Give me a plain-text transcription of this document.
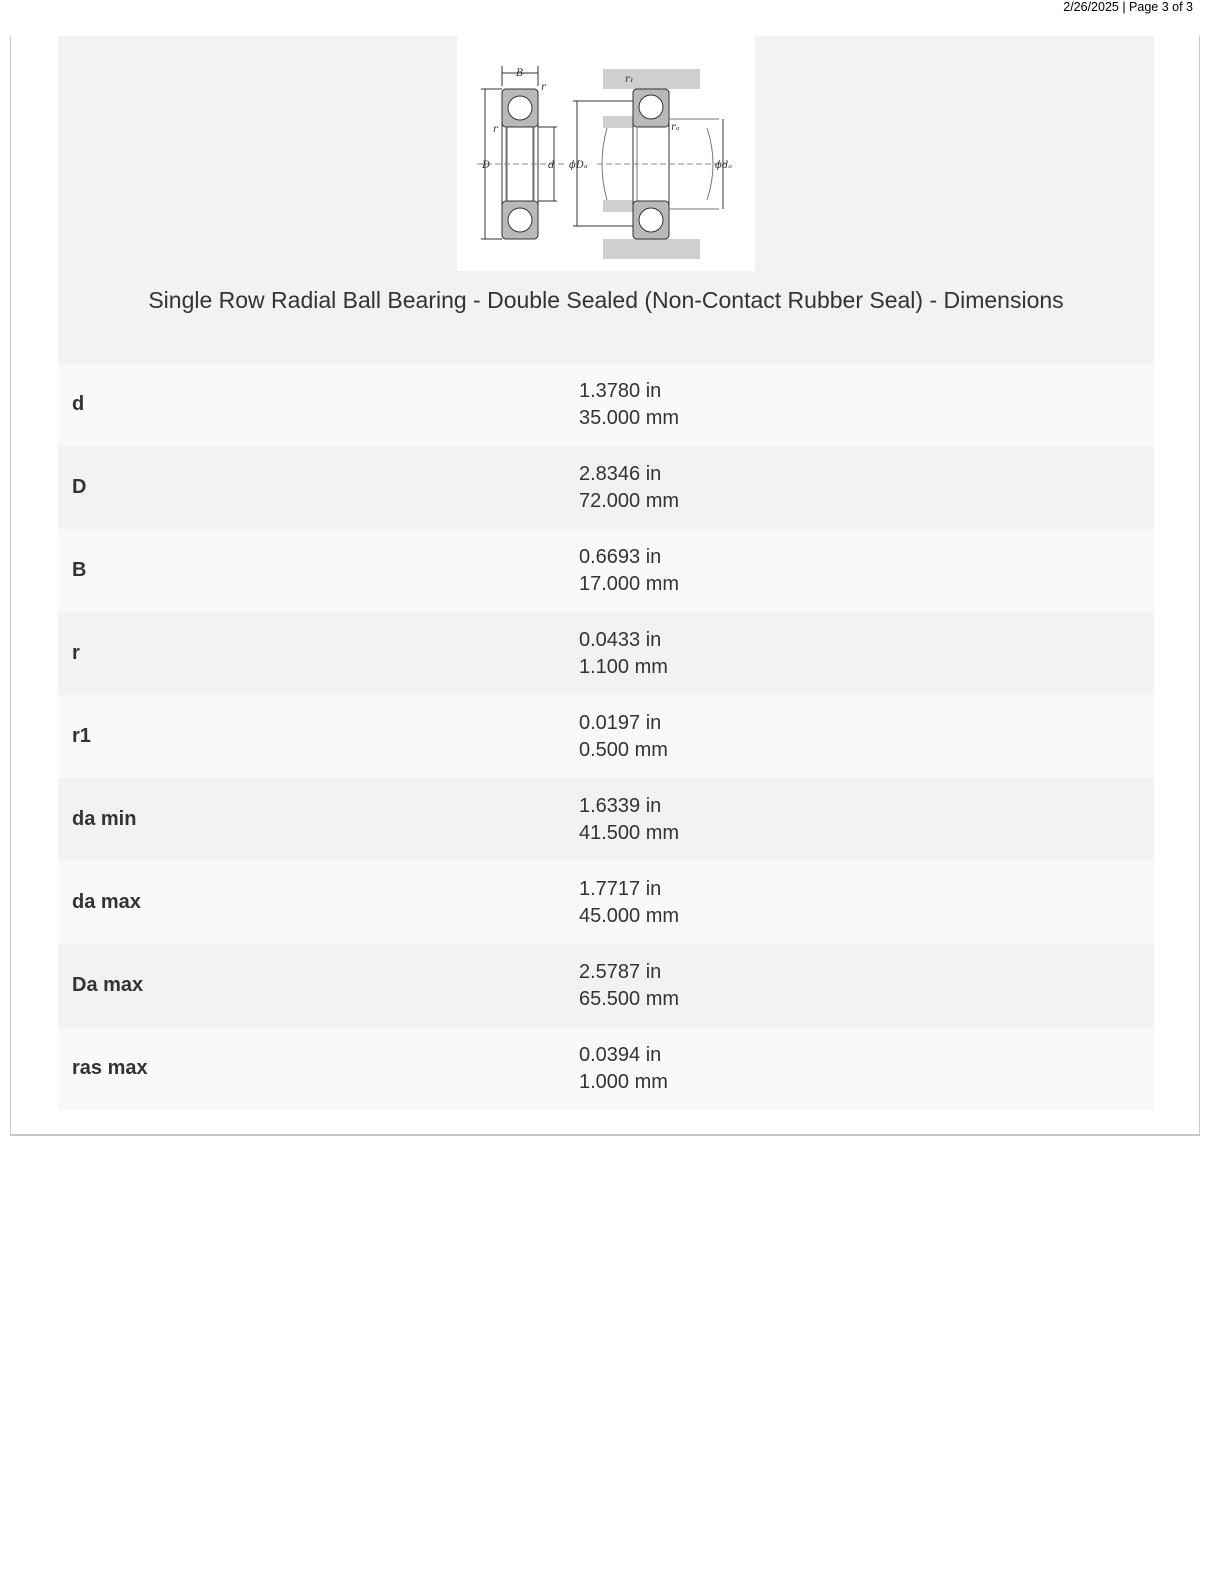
2/26/2025 | Page 3 of 3
B
r
r
D	d ϕDₐ	ϕdₐ
r₁
rₐ
Single Row Radial Ball Bearing - Double Sealed (Non-Contact Rubber Seal) - Dimensions
d	1.3780 in
35.000 mm

D	2.8346 in
72.000 mm

B	0.6693 in
17.000 mm

r	0.0433 in
1.100 mm

r1	0.0197 in
0.500 mm

da min	1.6339 in
41.500 mm

da max	1.7717 in
45.000 mm

Da max	2.5787 in
65.500 mm

ras max	0.0394 in
1.000 mm
